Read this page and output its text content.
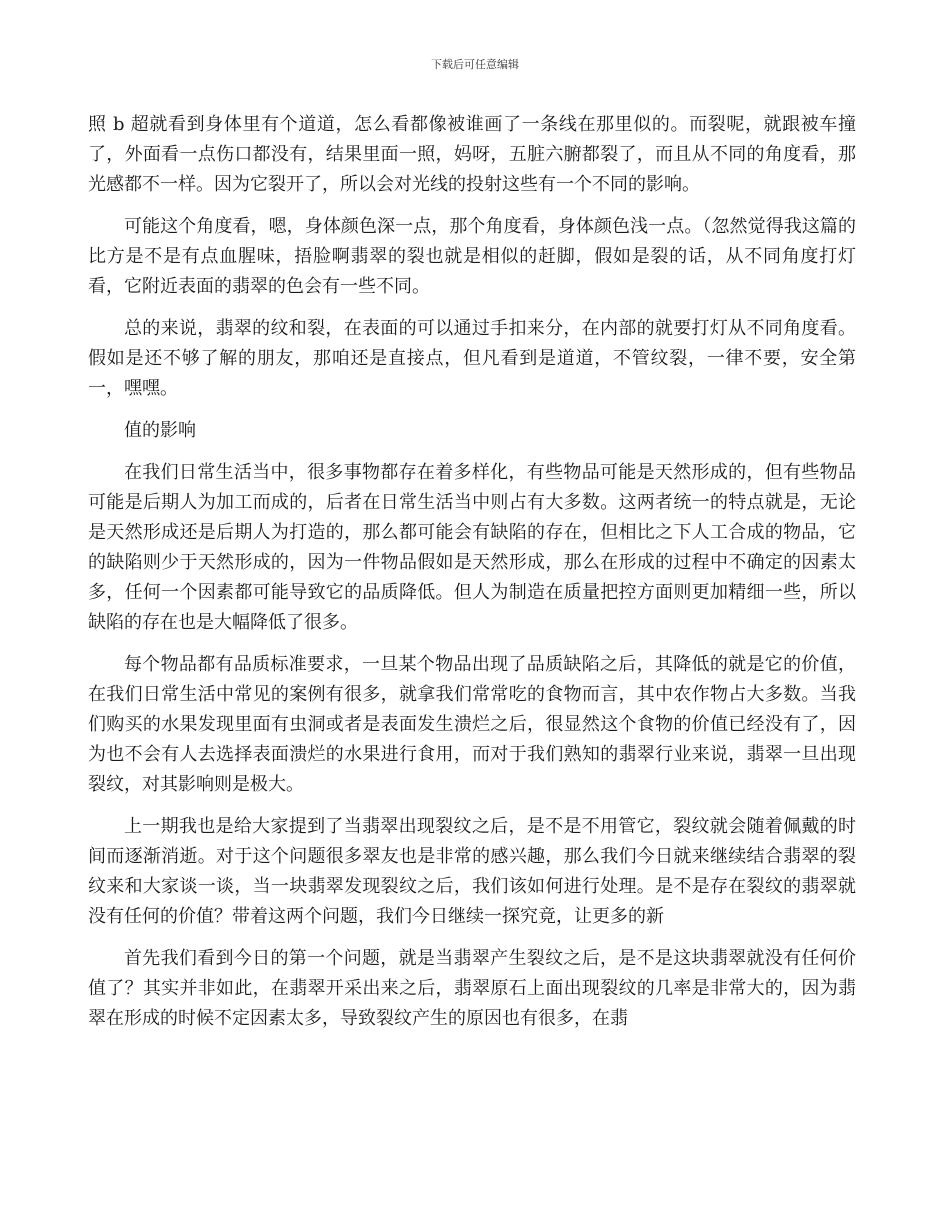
下载后可任意编辑

照 b 超就看到身体里有个道道，怎么看都像被谁画了一条线在那里似的。而裂呢，就跟被车撞了，外面看一点伤口都没有，结果里面一照，妈呀，五脏六腑都裂了，而且从不同的角度看，那光感都不一样。因为它裂开了，所以会对光线的投射这些有一个不同的影响。

可能这个角度看，嗯，身体颜色深一点，那个角度看，身体颜色浅一点。（忽然觉得我这篇的比方是不是有点血腥味，捂脸啊翡翠的裂也就是相似的赶脚，假如是裂的话，从不同角度打灯看，它附近表面的翡翠的色会有一些不同。

总的来说，翡翠的纹和裂，在表面的可以通过手扣来分，在内部的就要打灯从不同角度看。假如是还不够了解的朋友，那咱还是直接点，但凡看到是道道，不管纹裂，一律不要，安全第一，嘿嘿。

值的影响

在我们日常生活当中，很多事物都存在着多样化，有些物品可能是天然形成的，但有些物品可能是后期人为加工而成的，后者在日常生活当中则占有大多数。这两者统一的特点就是，无论是天然形成还是后期人为打造的，那么都可能会有缺陷的存在，但相比之下人工合成的物品，它的缺陷则少于天然形成的，因为一件物品假如是天然形成，那么在形成的过程中不确定的因素太多，任何一个因素都可能导致它的品质降低。但人为制造在质量把控方面则更加精细一些，所以缺陷的存在也是大幅降低了很多。

每个物品都有品质标准要求，一旦某个物品出现了品质缺陷之后，其降低的就是它的价值，在我们日常生活中常见的案例有很多，就拿我们常常吃的食物而言，其中农作物占大多数。当我们购买的水果发现里面有虫洞或者是表面发生溃烂之后，很显然这个食物的价值已经没有了，因为也不会有人去选择表面溃烂的水果进行食用，而对于我们熟知的翡翠行业来说，翡翠一旦出现裂纹，对其影响则是极大。

上一期我也是给大家提到了当翡翠出现裂纹之后，是不是不用管它，裂纹就会随着佩戴的时间而逐渐消逝。对于这个问题很多翠友也是非常的感兴趣，那么我们今日就来继续结合翡翠的裂纹来和大家谈一谈，当一块翡翠发现裂纹之后，我们该如何进行处理。是不是存在裂纹的翡翠就没有任何的价值？带着这两个问题，我们今日继续一探究竟，让更多的新

首先我们看到今日的第一个问题，就是当翡翠产生裂纹之后，是不是这块翡翠就没有任何价值了？其实并非如此，在翡翠开采出来之后，翡翠原石上面出现裂纹的几率是非常大的，因为翡翠在形成的时候不定因素太多，导致裂纹产生的原因也有很多，在翡
